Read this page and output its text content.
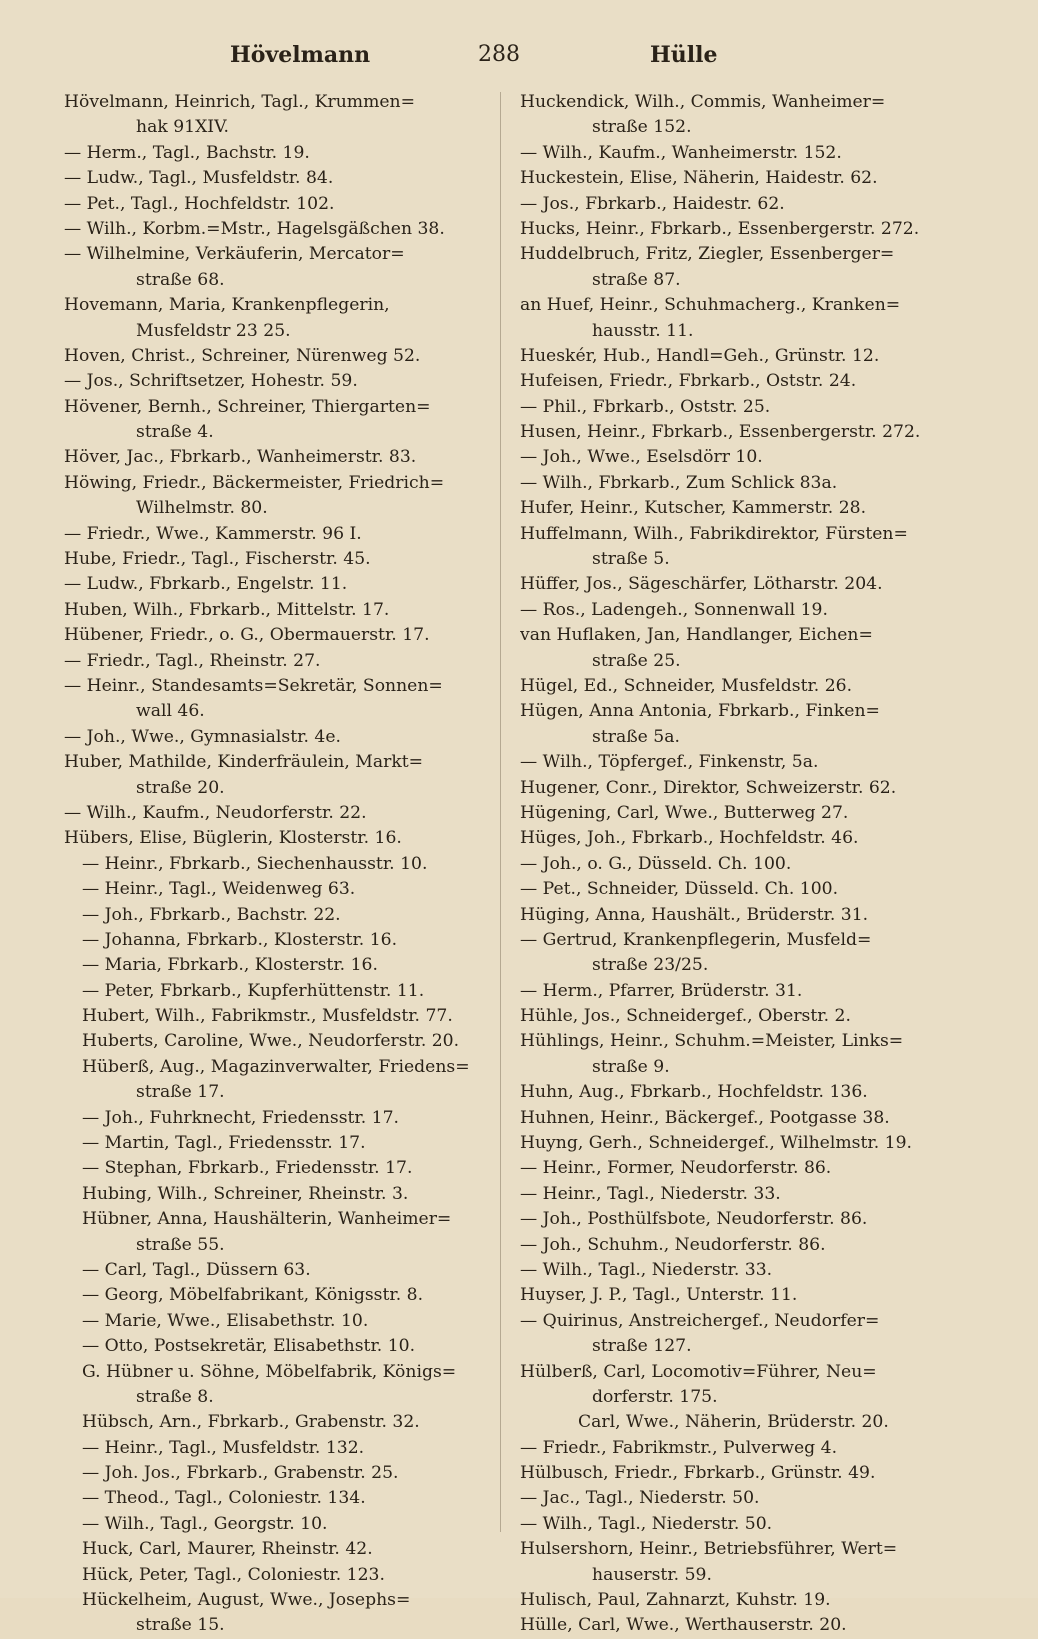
Hövelmann	288	Hülle
Hövelmann, Heinrich, Tagl., Krummen=
hak 91XIV.
— Herm., Tagl., Bachstr. 19.
— Ludw., Tagl., Musfeldstr. 84.
— Pet., Tagl., Hochfeldstr. 102.
— Wilh., Korbm.=Mstr., Hagelsgäßchen 38.
— Wilhelmine, Verkäuferin, Mercator=
straße 68.
Hovemann, Maria, Krankenpflegerin,
Musfeldstr 23 25.
Hoven, Christ., Schreiner, Nürenweg 52.
— Jos., Schriftsetzer, Hohestr. 59.
Hövener, Bernh., Schreiner, Thiergarten=
straße 4.
Höver, Jac., Fbrkarb., Wanheimerstr. 83.
Höwing, Friedr., Bäckermeister, Friedrich=
Wilhelmstr. 80.
— Friedr., Wwe., Kammerstr. 96 I.
Hube, Friedr., Tagl., Fischerstr. 45.
— Ludw., Fbrkarb., Engelstr. 11.
Huben, Wilh., Fbrkarb., Mittelstr. 17.
Hübener, Friedr., o. G., Obermauerstr. 17.
— Friedr., Tagl., Rheinstr. 27.
— Heinr., Standesamts=Sekretär, Sonnen=
wall 46.
— Joh., Wwe., Gymnasialstr. 4e.
Huber, Mathilde, Kinderfräulein, Markt=
straße 20.
— Wilh., Kaufm., Neudorferstr. 22.
Hübers, Elise, Büglerin, Klosterstr. 16.
— Heinr., Fbrkarb., Siechenhausstr. 10.
— Heinr., Tagl., Weidenweg 63.
— Joh., Fbrkarb., Bachstr. 22.
— Johanna, Fbrkarb., Klosterstr. 16.
— Maria, Fbrkarb., Klosterstr. 16.
— Peter, Fbrkarb., Kupferhüttenstr. 11.
Hubert, Wilh., Fabrikmstr., Musfeldstr. 77.
Huberts, Caroline, Wwe., Neudorferstr. 20.
Hüberß, Aug., Magazinverwalter, Friedens=
straße 17.
— Joh., Fuhrknecht, Friedensstr. 17.
— Martin, Tagl., Friedensstr. 17.
— Stephan, Fbrkarb., Friedensstr. 17.
Hubing, Wilh., Schreiner, Rheinstr. 3.
Hübner, Anna, Haushälterin, Wanheimer=
straße 55.
— Carl, Tagl., Düssern 63.
— Georg, Möbelfabrikant, Königsstr. 8.
— Marie, Wwe., Elisabethstr. 10.
— Otto, Postsekretär, Elisabethstr. 10.
G. Hübner u. Söhne, Möbelfabrik, Königs=
straße 8.
Hübsch, Arn., Fbrkarb., Grabenstr. 32.
— Heinr., Tagl., Musfeldstr. 132.
— Joh. Jos., Fbrkarb., Grabenstr. 25.
— Theod., Tagl., Coloniestr. 134.
— Wilh., Tagl., Georgstr. 10.
Huck, Carl, Maurer, Rheinstr. 42.
Hück, Peter, Tagl., Coloniestr. 123.
Hückelheim, August, Wwe., Josephs=
straße 15.
Huckendick, Wilh., Commis, Wanheimer=
straße 152.
— Wilh., Kaufm., Wanheimerstr. 152.
Huckestein, Elise, Näherin, Haidestr. 62.
— Jos., Fbrkarb., Haidestr. 62.
Hucks, Heinr., Fbrkarb., Essenbergerstr. 272.
Huddelbruch, Fritz, Ziegler, Essenberger=
straße 87.
an Huef, Heinr., Schuhmacherg., Kranken=
hausstr. 11.
Hueskér, Hub., Handl=Geh., Grünstr. 12.
Hufeisen, Friedr., Fbrkarb., Oststr. 24.
— Phil., Fbrkarb., Oststr. 25.
Husen, Heinr., Fbrkarb., Essenbergerstr. 272.
— Joh., Wwe., Eselsdörr 10.
— Wilh., Fbrkarb., Zum Schlick 83a.
Hufer, Heinr., Kutscher, Kammerstr. 28.
Huffelmann, Wilh., Fabrikdirektor, Fürsten=
straße 5.
Hüffer, Jos., Sägeschärfer, Lötharstr. 204.
— Ros., Ladengeh., Sonnenwall 19.
van Huflaken, Jan, Handlanger, Eichen=
straße 25.
Hügel, Ed., Schneider, Musfeldstr. 26.
Hügen, Anna Antonia, Fbrkarb., Finken=
straße 5a.
— Wilh., Töpfergef., Finkenstr, 5a.
Hugener, Conr., Direktor, Schweizerstr. 62.
Hügening, Carl, Wwe., Butterweg 27.
Hüges, Joh., Fbrkarb., Hochfeldstr. 46.
— Joh., o. G., Düsseld. Ch. 100.
— Pet., Schneider, Düsseld. Ch. 100.
Hüging, Anna, Haushält., Brüderstr. 31.
— Gertrud, Krankenpflegerin, Musfeld=
straße 23/25.
— Herm., Pfarrer, Brüderstr. 31.
Hühle, Jos., Schneidergef., Oberstr. 2.
Hühlings, Heinr., Schuhm.=Meister, Links=
straße 9.
Huhn, Aug., Fbrkarb., Hochfeldstr. 136.
Huhnen, Heinr., Bäckergef., Pootgasse 38.
Huyng, Gerh., Schneidergef., Wilhelmstr. 19.
— Heinr., Former, Neudorferstr. 86.
— Heinr., Tagl., Niederstr. 33.
— Joh., Posthülfsbote, Neudorferstr. 86.
— Joh., Schuhm., Neudorferstr. 86.
— Wilh., Tagl., Niederstr. 33.
Huyser, J. P., Tagl., Unterstr. 11.
— Quirinus, Anstreichergef., Neudorfer=
straße 127.
Hülberß, Carl, Locomotiv=Führer, Neu=
dorferstr. 175.
Carl, Wwe., Näherin, Brüderstr. 20.
— Friedr., Fabrikmstr., Pulverweg 4.
Hülbusch, Friedr., Fbrkarb., Grünstr. 49.
— Jac., Tagl., Niederstr. 50.
— Wilh., Tagl., Niederstr. 50.
Hulsershorn, Heinr., Betriebsführer, Wert=
hauserstr. 59.
Hulisch, Paul, Zahnarzt, Kuhstr. 19.
Hülle, Carl, Wwe., Werthauserstr. 20.
